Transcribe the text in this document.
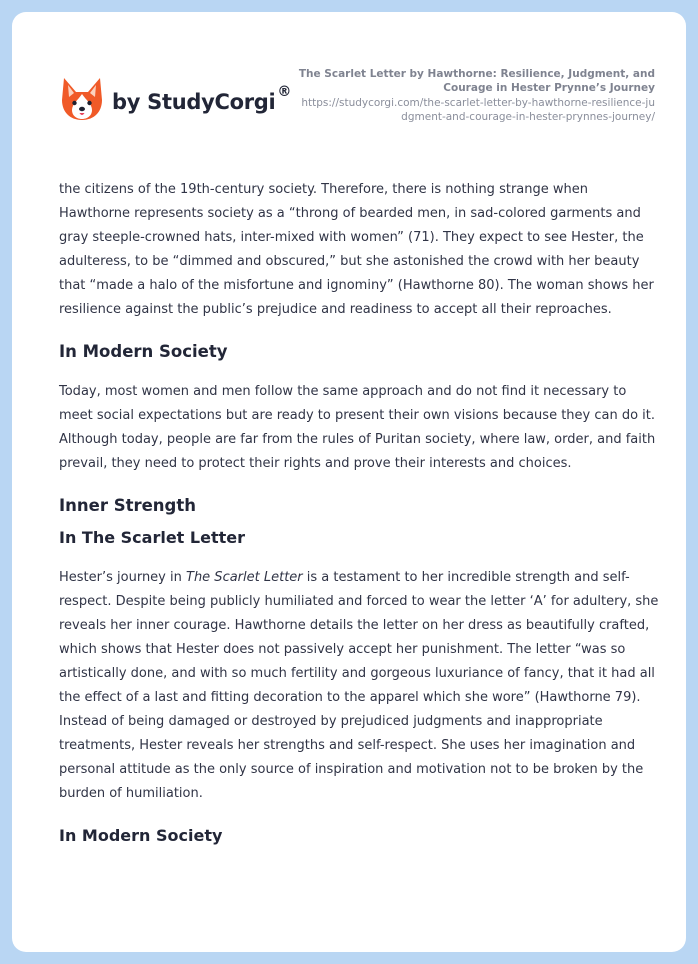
by StudyCorgi ®
The Scarlet Letter by Hawthorne: Resilience, Judgment, and Courage in Hester Prynne’s Journey
https://studycorgi.com/the-scarlet-letter-by-hawthorne-resilience-judgment-and-courage-in-hester-prynnes-journey/

the citizens of the 19th-century society. Therefore, there is nothing strange when Hawthorne represents society as a “throng of bearded men, in sad-colored garments and gray steeple-crowned hats, inter-mixed with women” (71). They expect to see Hester, the adulteress, to be “dimmed and obscured,” but she astonished the crowd with her beauty that “made a halo of the misfortune and ignominy” (Hawthorne 80). The woman shows her resilience against the public’s prejudice and readiness to accept all their reproaches.

In Modern Society

Today, most women and men follow the same approach and do not find it necessary to meet social expectations but are ready to present their own visions because they can do it. Although today, people are far from the rules of Puritan society, where law, order, and faith prevail, they need to protect their rights and prove their interests and choices.

Inner Strength
In The Scarlet Letter

Hester’s journey in The Scarlet Letter is a testament to her incredible strength and self-respect. Despite being publicly humiliated and forced to wear the letter ‘A’ for adultery, she reveals her inner courage. Hawthorne details the letter on her dress as beautifully crafted, which shows that Hester does not passively accept her punishment. The letter “was so artistically done, and with so much fertility and gorgeous luxuriance of fancy, that it had all the effect of a last and fitting decoration to the apparel which she wore” (Hawthorne 79). Instead of being damaged or destroyed by prejudiced judgments and inappropriate treatments, Hester reveals her strengths and self-respect. She uses her imagination and personal attitude as the only source of inspiration and motivation not to be broken by the burden of humiliation.

In Modern Society
